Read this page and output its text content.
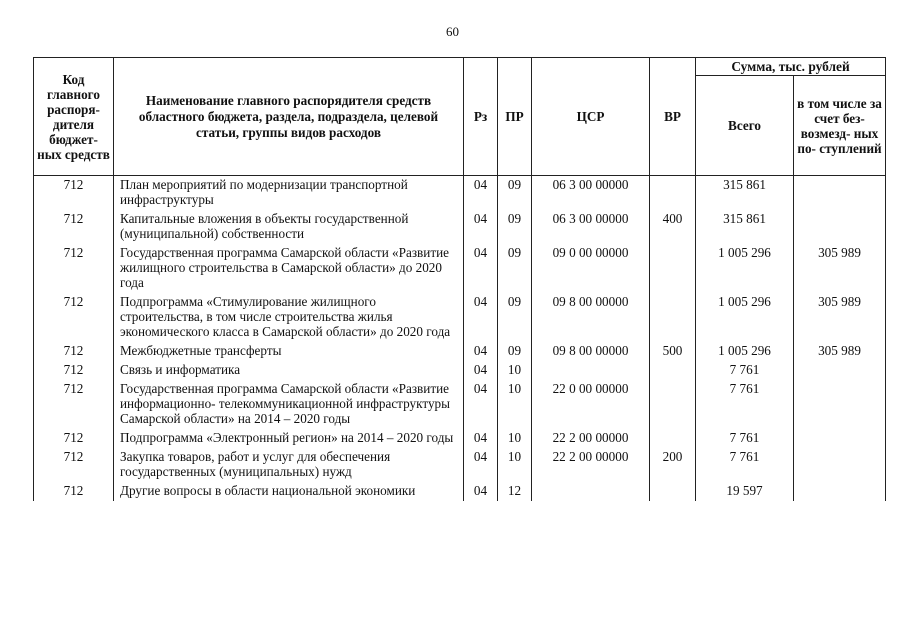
60
Код главного распоря- дителя бюджет- ных средств	Наименование главного распорядителя средств областного бюджета, раздела, подраздела, целевой статьи, группы видов расходов	Рз	ПР	ЦСР	ВР	Сумма, тыс. рублей	
						Всего	в том числе за счет без- возмезд- ных по- ступлений
712	План мероприятий по модернизации транспортной инфраструктуры	04	09	06 3 00 00000		315 861	
712	Капитальные вложения в объекты государственной (муниципальной) собственности	04	09	06 3 00 00000	400	315 861	
712	Государственная программа Самарской области «Развитие жилищного строительства в Самарской области» до 2020 года	04	09	09 0 00 00000		1 005 296	305 989
712	Подпрограмма «Стимулирование жилищного строительства, в том числе строительства жилья экономического класса в Самарской области» до 2020 года	04	09	09 8 00 00000		1 005 296	305 989
712	Межбюджетные трансферты	04	09	09 8 00 00000	500	1 005 296	305 989
712	Связь и информатика	04	10			7 761	
712	Государственная программа Самарской области «Развитие информационно- телекоммуникационной инфраструктуры Самарской области» на 2014 – 2020 годы	04	10	22 0 00 00000		7 761	
712	Подпрограмма «Электронный регион» на 2014 – 2020 годы	04	10	22 2 00 00000		7 761	
712	Закупка товаров, работ и услуг для обеспечения государственных (муниципальных) нужд	04	10	22 2 00 00000	200	7 761	
712	Другие вопросы в области национальной экономики	04	12			19 597	
